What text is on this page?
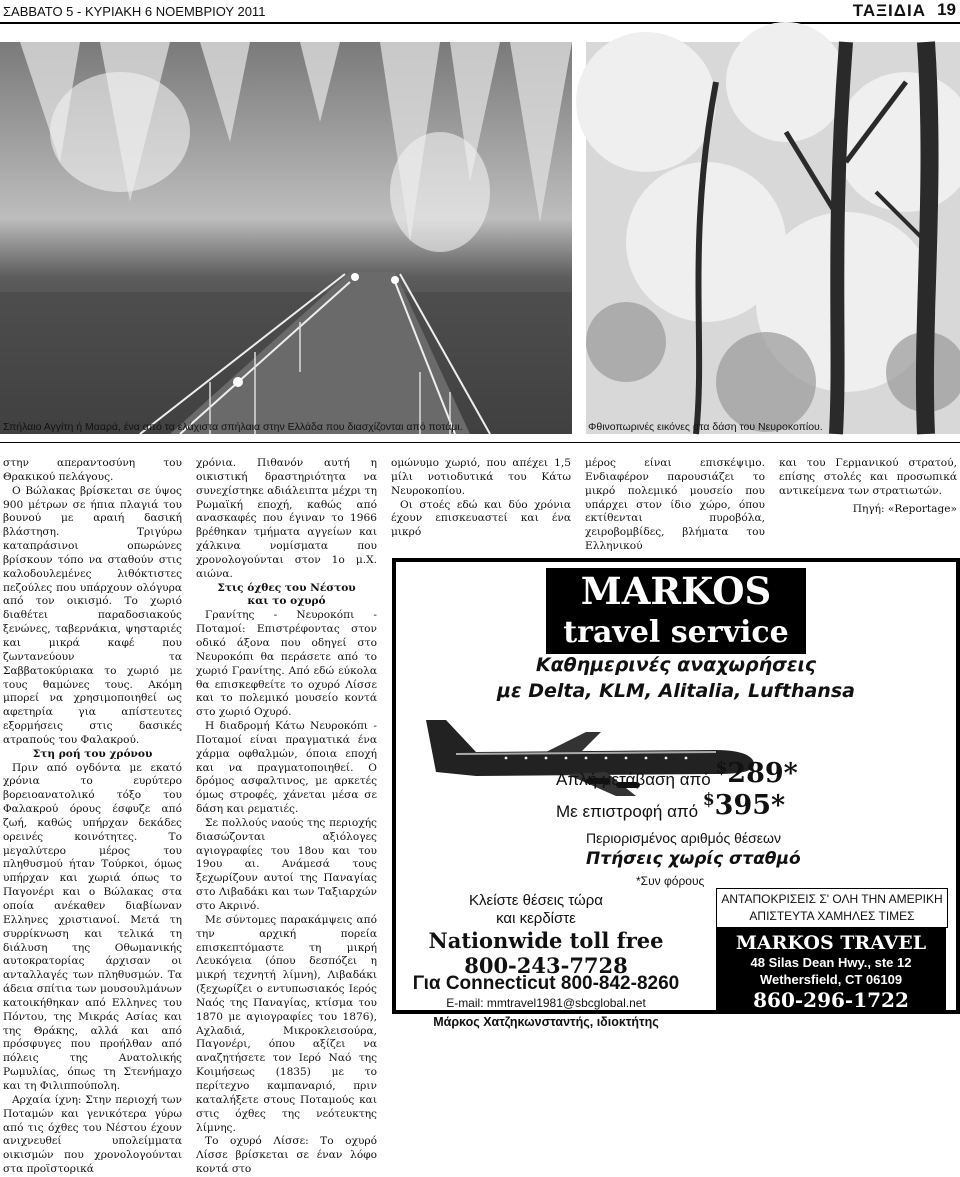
ΣΑΒΒΑΤΟ 5 - ΚΥΡΙΑΚΗ 6 ΝΟΕΜΒΡΙΟΥ 2011	ΤΑΞΙΔΙΑ 19
Σπήλαιο Αγγίτη ή Μααρά, ένα από τα ελάχιστα σπήλαια στην Ελλάδα που διασχίζονται από ποτάμι.	Φθινοπωρινές εικόνες στα δάση του Νευροκοπίου.

στην απεραντοσύνη του Θρακικού πελάγους.

Ο Βώλακας βρίσκεται σε ύψος 900 μέτρων σε ήπια πλαγιά του βουνού με αραιή δασική βλάστηση. Τριγύρω καταπράσινοι οπωρώνες βρίσκουν τόπο να σταθούν στις καλοδουλεμένες λιθόκτιστες πεζούλες που υπάρχουν ολόγυρα από τον οικισμό. Το χωριό διαθέτει παραδοσιακούς ξενώνες, ταβερνάκια, ψησταριές και μικρά καφέ που ζωντανεύουν τα Σαββατοκύριακα το χωριό με τους θαμώνες τους. Ακόμη μπορεί να χρησιμοποιηθεί ως αφετηρία για απίστευτες εξορμήσεις στις δασικές ατραπούς του Φαλακρού.

Στη ροή του χρόνου

Πριν από ογδόντα με εκατό χρόνια το ευρύτερο βορειοανατολικό τόξο του Φαλακρού όρους έσφυζε από ζωή, καθώς υπήρχαν δεκάδες ορεινές κοινότητες. Το μεγαλύτερο μέρος του πληθυσμού ήταν Τούρκοι, όμως υπήρχαν και χωριά όπως το Παγονέρι και ο Βώλακας στα οποία ανέκαθεν διαβίωναν Ελληνες χριστιανοί. Μετά τη συρρίκνωση και τελικά τη διάλυση της Οθωμανικής αυτοκρατορίας άρχισαν οι ανταλλαγές των πληθυσμών. Τα άδεια σπίτια των μουσουλμάνων κατοικήθηκαν από Ελληνες του Πόντου, της Μικράς Ασίας και της Θράκης, αλλά και από πρόσφυγες που προήλθαν από πόλεις της Ανατολικής Ρωμυλίας, όπως τη Στενήμαχο και τη Φιλιππούπολη.

Αρχαία ίχνη: Στην περιοχή των Ποταμών και γενικότερα γύρω από τις όχθες του Νέστου έχουν ανιχνευθεί υπολείμματα οικισμών που χρονολογούνται στα προϊστορικά

χρόνια. Πιθανόν αυτή η οικιστική δραστηριότητα να συνεχίστηκε αδιάλειπτα μέχρι τη Ρωμαϊκή εποχή, καθώς από ανασκαφές που έγιναν το 1966 βρέθηκαν τμήματα αγγείων και χάλκινα νομίσματα που χρονολογούνται στον 1ο μ.Χ. αιώνα.

Στις όχθες του Νέστου

και το οχυρό

Γρανίτης - Νευροκόπι - Ποταμοί: Επιστρέφοντας στον οδικό άξονα που οδηγεί στο Νευροκόπι θα περάσετε από το χωριό Γρανίτης. Από εδώ εύκολα θα επισκεφθείτε το οχυρό Λίσσε και το πολεμικό μουσείο κοντά στο χωριό Οχυρό.

Η διαδρομή Κάτω Νευροκόπι - Ποταμοί είναι πραγματικά ένα χάρμα οφθαλμών, όποια εποχή και να πραγματοποιηθεί. Ο δρόμος ασφαλτινος, με αρκετές όμως στροφές, χάνεται μέσα σε δάση και ρεματιές.

Σε πολλούς ναούς της περιοχής διασώζονται αξιόλογες αγιογραφίες του 18ου και του 19ου αι. Ανάμεσά τους ξεχωρίζουν αυτοί της Παναγίας στο Λιβαδάκι και των Ταξιαρχών στο Ακρινό.

Με σύντομες παρακάμψεις από την αρχική πορεία επισκεπτόμαστε τη μικρή Λευκόγεια (όπου δεσπόζει η μικρή τεχνητή λίμνη), Λιβαδάκι (ξεχωρίζει ο εντυπωσιακός Ιερός Ναός της Παναγίας, κτίσμα του 1870 με αγιογραφίες του 1876), Αχλαδιά, Μικροκλεισούρα, Παγονέρι, όπου αξίζει να αναζητήσετε τον Ιερό Ναό της Κοιμήσεως (1835) με το περίτεχνο καμπαναριό, πριν καταλήξετε στους Ποταμούς και στις όχθες της νεότευκτης λίμνης.

Το οχυρό Λίσσε: Το οχυρό Λίσσε βρίσκεται σε έναν λόφο κοντά στο

ομώνυμο χωριό, που απέχει 1,5 μίλι νοτιοδυτικά του Κάτω Νευροκοπίου.

Οι στοές εδώ και δύο χρόνια έχουν επισκευαστεί και ένα μικρό

μέρος είναι επισκέψιμο. Ενδιαφέρον παρουσιάζει το μικρό πολεμικό μουσείο που υπάρχει στον ίδιο χώρο, όπου εκτίθενται πυροβόλα, χειροβομβίδες, βλήματα του Ελληνικού

και του Γερμανικού στρατού, επίσης στολές και προσωπικά αντικείμενα των στρατιωτών.

Πηγή: «Reportage»

MARKOS
travel service
Καθημερινές αναχωρήσεις
με Delta, KLM, Alitalia, Lufthansa
Απλή μετάβαση από $289*
Με επιστροφή από $395*
Περιορισμένος αριθμός θέσεων
Πτήσεις χωρίς σταθμό
*Συν φόρους
Κλείστε θέσεις τώρα
και κερδίστε
Nationwide toll free
800-243-7728
Για Connecticut 800-842-8260
E-mail: mmtravel1981@sbcglobal.net
Μάρκος Χατζηκωνσταντής, ιδιοκτήτης
ΑΝΤΑΠΟΚΡΙΣΕΙΣ Σ' ΟΛΗ ΤΗΝ ΑΜΕΡΙΚΗ
ΑΠΙΣΤΕΥΤΑ ΧΑΜΗΛΕΣ ΤΙΜΕΣ
MARKOS TRAVEL
48 Silas Dean Hwy., ste 12
Wethersfield, CT 06109
860-296-1722
